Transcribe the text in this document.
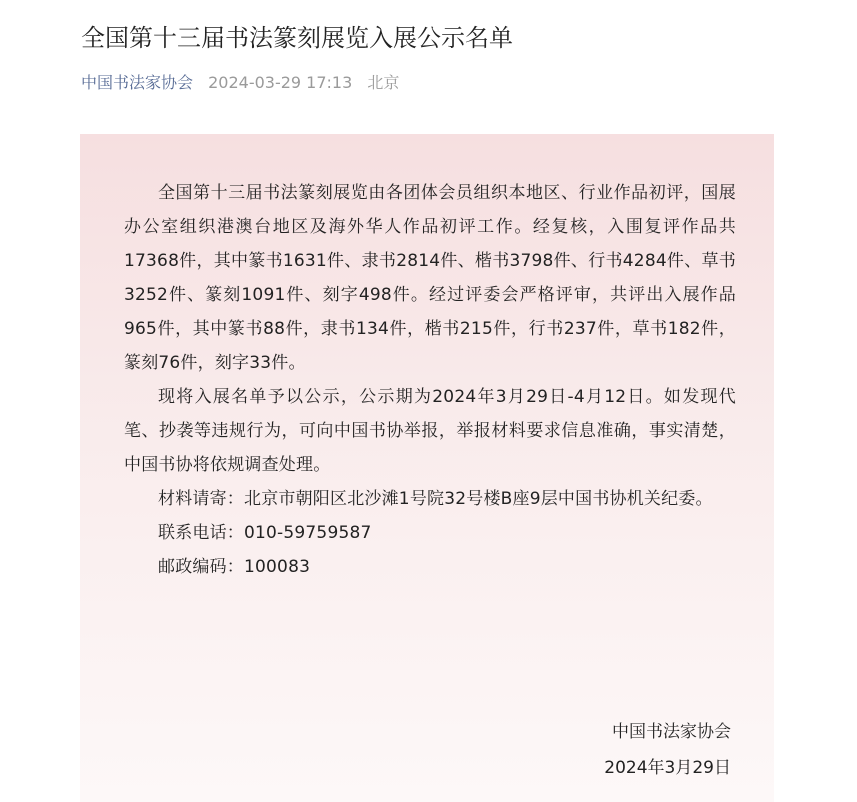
全国第十三届书法篆刻展览入展公示名单
中国书法家协会 2024-03-29 17:13 北京

全国第十三届书法篆刻展览由各团体会员组织本地区、行业作品初评，国展办公室组织港澳台地区及海外华人作品初评工作。经复核，入围复评作品共17368件，其中篆书1631件、隶书2814件、楷书3798件、行书4284件、草书3252件、篆刻1091件、刻字498件。经过评委会严格评审，共评出入展作品965件，其中篆书88件，隶书134件，楷书215件，行书237件，草书182件，篆刻76件，刻字33件。

现将入展名单予以公示，公示期为2024年3月29日-4月12日。如发现代笔、抄袭等违规行为，可向中国书协举报，举报材料要求信息准确，事实清楚，中国书协将依规调查处理。

材料请寄：北京市朝阳区北沙滩1号院32号楼B座9层中国书协机关纪委。

联系电话：010-59759587

邮政编码：100083

中国书法家协会
2024年3月29日
